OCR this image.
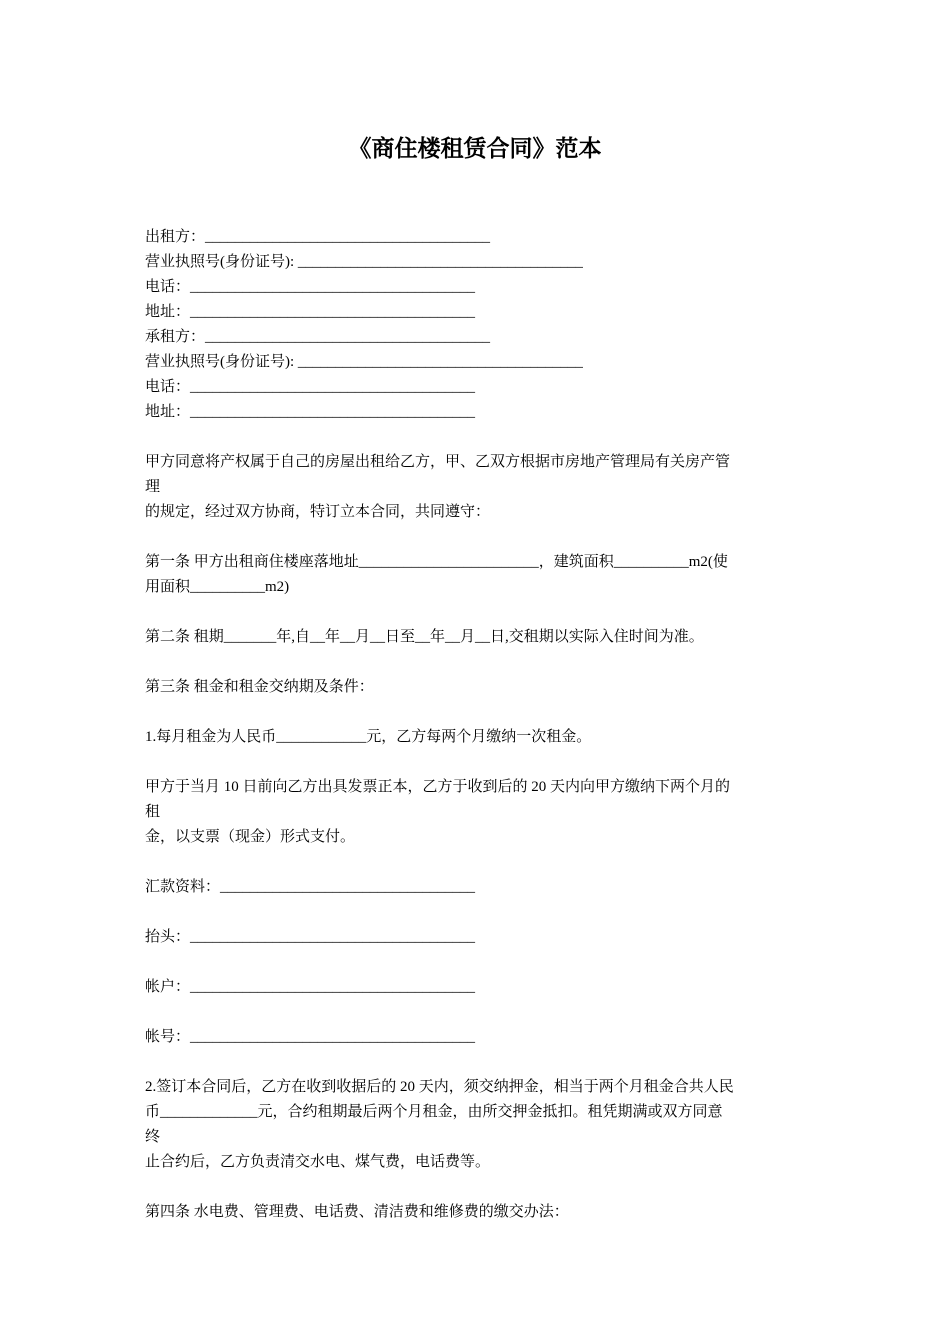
《商住楼租赁合同》范本
出租方：______________________________________
营业执照号(身份证号): ______________________________________
电话：______________________________________
地址：______________________________________
承租方：______________________________________
营业执照号(身份证号): ______________________________________
电话：______________________________________
地址：______________________________________
甲方同意将产权属于自己的房屋出租给乙方，甲、乙双方根据市房地产管理局有关房产管
理
的规定，经过双方协商，特订立本合同，共同遵守：
第一条 甲方出租商住楼座落地址________________________，建筑面积__________m2(使
用面积__________m2)
第二条 租期_______年,自__年__月__日至__年__月__日,交租期以实际入住时间为准。
第三条 租金和租金交纳期及条件：
1.每月租金为人民币____________元，乙方每两个月缴纳一次租金。
甲方于当月 10 日前向乙方出具发票正本，乙方于收到后的 20 天内向甲方缴纳下两个月的
租
金，以支票（现金）形式支付。
汇款资料：__________________________________
抬头：______________________________________
帐户：______________________________________
帐号：______________________________________
2.签订本合同后，乙方在收到收据后的 20 天内，须交纳押金，相当于两个月租金合共人民
币_____________元，合约租期最后两个月租金，由所交押金抵扣。租凭期满或双方同意
终
止合约后，乙方负责清交水电、煤气费，电话费等。
第四条 水电费、管理费、电话费、清洁费和维修费的缴交办法：
